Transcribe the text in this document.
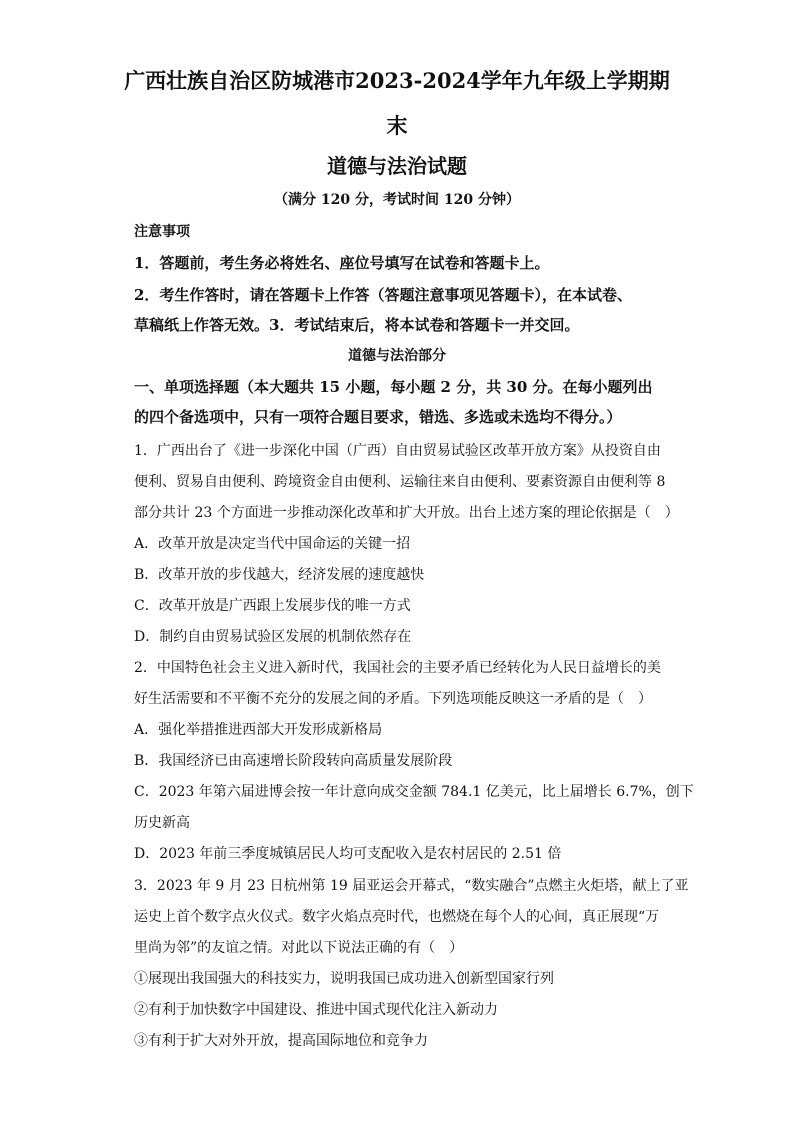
广西壮族自治区防城港市2023-2024学年九年级上学期期
末
道德与法治试题
（满分 120 分，考试时间 120 分钟）
注意事项
1．答题前，考生务必将姓名、座位号填写在试卷和答题卡上。
2．考生作答时，请在答题卡上作答（答题注意事项见答题卡），在本试卷、
草稿纸上作答无效。3．考试结束后，将本试卷和答题卡一并交回。
道德与法治部分
一、单项选择题（本大题共 15 小题，每小题 2 分，共 30 分。在每小题列出
的四个备选项中，只有一项符合题目要求，错选、多选或未选均不得分。）
1．广西出台了《进一步深化中国（广西）自由贸易试验区改革开放方案》从投资自由
便利、贸易自由便利、跨境资金自由便利、运输往来自由便利、要素资源自由便利等 8
部分共计 23 个方面进一步推动深化改革和扩大开放。出台上述方案的理论依据是（　）
A．改革开放是决定当代中国命运的关键一招
B．改革开放的步伐越大，经济发展的速度越快
C．改革开放是广西跟上发展步伐的唯一方式
D．制约自由贸易试验区发展的机制依然存在
2．中国特色社会主义进入新时代，我国社会的主要矛盾已经转化为人民日益增长的美
好生活需要和不平衡不充分的发展之间的矛盾。下列选项能反映这一矛盾的是（　）
A．强化举措推进西部大开发形成新格局
B．我国经济已由高速增长阶段转向高质量发展阶段
C．2023 年第六届进博会按一年计意向成交金额 784.1 亿美元，比上届增长 6.7%，创下
历史新高
D．2023 年前三季度城镇居民人均可支配收入是农村居民的 2.51 倍
3．2023 年 9 月 23 日杭州第 19 届亚运会开幕式，“数实融合”点燃主火炬塔，献上了亚
运史上首个数字点火仪式。数字火焰点亮时代，也燃烧在每个人的心间，真正展现“万
里尚为邻”的友谊之情。对此以下说法正确的有（　）
①展现出我国强大的科技实力，说明我国已成功进入创新型国家行列
②有利于加快数字中国建设、推进中国式现代化注入新动力
③有利于扩大对外开放，提高国际地位和竞争力
